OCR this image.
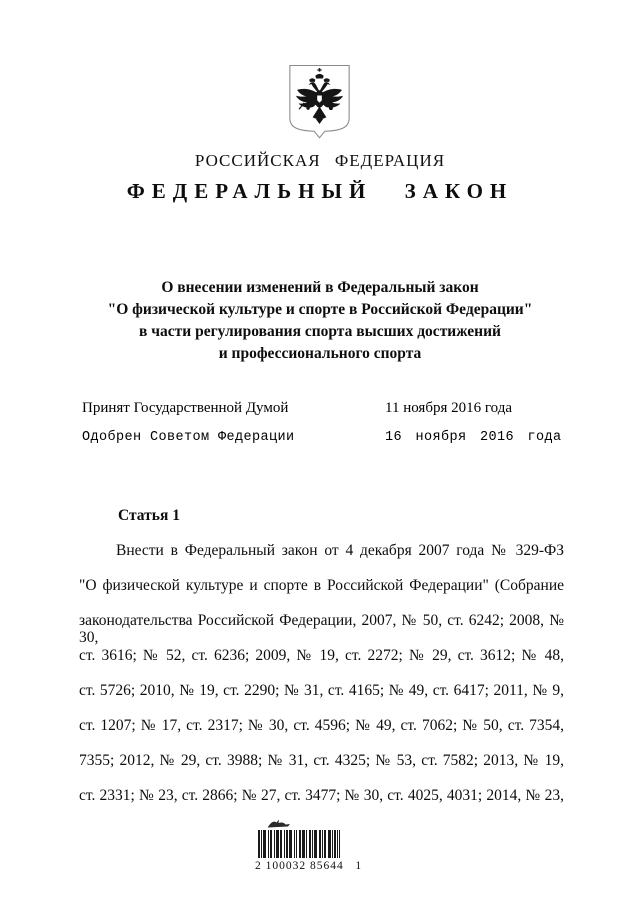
РОССИЙСКАЯ ФЕДЕРАЦИЯ
ФЕДЕРАЛЬНЫЙ ЗАКОН
О внесении изменений в Федеральный закон
"О физической культуре и спорте в Российской Федерации"
в части регулирования спорта высших достижений
и профессионального спорта
Принят Государственной Думой	11 ноября 2016 года
Одобрен Советом Федерации	16 ноября 2016 года
Статья 1
Внести в Федеральный закон от 4 декабря 2007 года № 329-ФЗ
"О физической культуре и спорте в Российской Федерации" (Собрание
законодательства Российской Федерации, 2007, № 50, ст. 6242; 2008, № 30,
ст. 3616; № 52, ст. 6236; 2009, № 19, ст. 2272; № 29, ст. 3612; № 48,
ст. 5726; 2010, № 19, ст. 2290; № 31, ст. 4165; № 49, ст. 6417; 2011, № 9,
ст. 1207; № 17, ст. 2317; № 30, ст. 4596; № 49, ст. 7062; № 50, ст. 7354,
7355; 2012, № 29, ст. 3988; № 31, ст. 4325; № 53, ст. 7582; 2013, № 19,
ст. 2331; № 23, ст. 2866; № 27, ст. 3477; № 30, ст. 4025, 4031; 2014, № 23,
2 100032 85644   1
